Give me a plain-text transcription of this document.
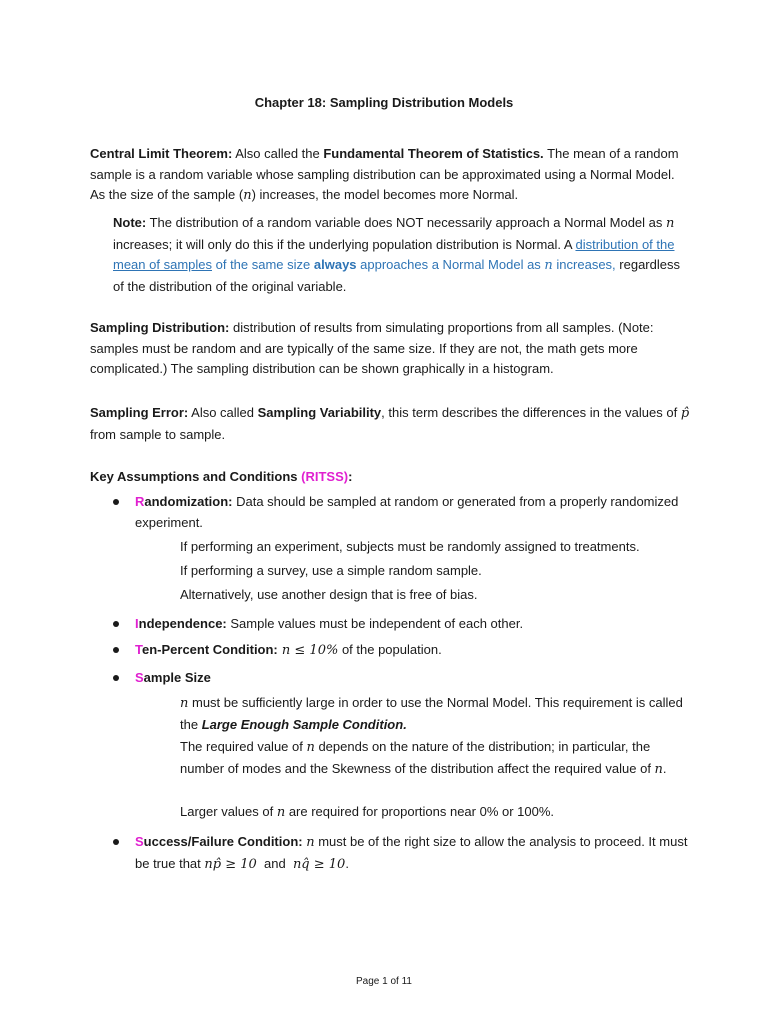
Chapter 18: Sampling Distribution Models
Central Limit Theorem: Also called the Fundamental Theorem of Statistics. The mean of a random sample is a random variable whose sampling distribution can be approximated using a Normal Model. As the size of the sample (n) increases, the model becomes more Normal.
Note: The distribution of a random variable does NOT necessarily approach a Normal Model as n increases; it will only do this if the underlying population distribution is Normal. A distribution of the mean of samples of the same size always approaches a Normal Model as n increases, regardless of the distribution of the original variable.
Sampling Distribution: distribution of results from simulating proportions from all samples. (Note: samples must be random and are typically of the same size. If they are not, the math gets more complicated.) The sampling distribution can be shown graphically in a histogram.
Sampling Error: Also called Sampling Variability, this term describes the differences in the values of p̂ from sample to sample.
Key Assumptions and Conditions (RITSS):
Randomization: Data should be sampled at random or generated from a properly randomized experiment.
If performing an experiment, subjects must be randomly assigned to treatments.
If performing a survey, use a simple random sample.
Alternatively, use another design that is free of bias.
Independence: Sample values must be independent of each other.
Ten-Percent Condition: n ≤ 10% of the population.
Sample Size
n must be sufficiently large in order to use the Normal Model. This requirement is called the Large Enough Sample Condition.
The required value of n depends on the nature of the distribution; in particular, the number of modes and the Skewness of the distribution affect the required value of n.
Larger values of n are required for proportions near 0% or 100%.
Success/Failure Condition: n must be of the right size to allow the analysis to proceed. It must be true that np̂ ≥ 10  and  nq̂ ≥ 10.
Page 1 of 11
